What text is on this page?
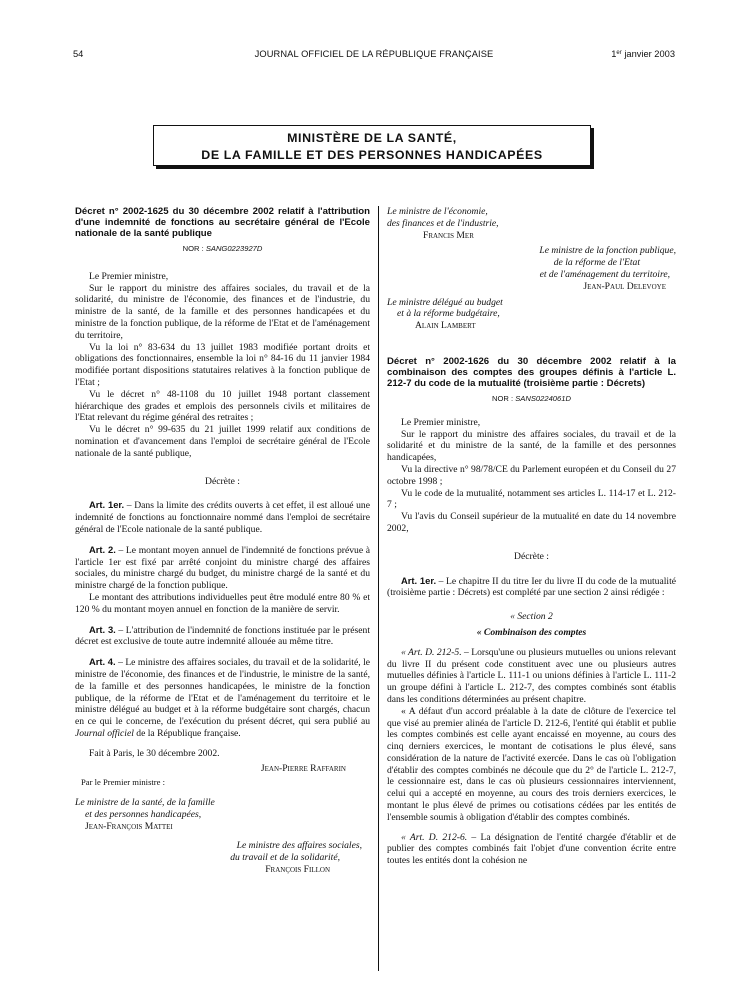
54	JOURNAL OFFICIEL DE LA RÉPUBLIQUE FRANÇAISE	1er janvier 2003
MINISTÈRE DE LA SANTÉ,
DE LA FAMILLE ET DES PERSONNES HANDICAPÉES

Décret n° 2002-1625 du 30 décembre 2002 relatif à l'attribution d'une indemnité de fonctions au secrétaire général de l'Ecole nationale de la santé publique

NOR : SANG0223927D

Le Premier ministre,

Sur le rapport du ministre des affaires sociales, du travail et de la solidarité, du ministre de l'économie, des finances et de l'industrie, du ministre de la santé, de la famille et des personnes handicapées et du ministre de la fonction publique, de la réforme de l'Etat et de l'aménagement du territoire,

Vu la loi n° 83-634 du 13 juillet 1983 modifiée portant droits et obligations des fonctionnaires, ensemble la loi n° 84-16 du 11 janvier 1984 modifiée portant dispositions statutaires relatives à la fonction publique de l'Etat ;

Vu le décret n° 48-1108 du 10 juillet 1948 portant classement hiérarchique des grades et emplois des personnels civils et militaires de l'Etat relevant du régime général des retraites ;

Vu le décret n° 99-635 du 21 juillet 1999 relatif aux conditions de nomination et d'avancement dans l'emploi de secrétaire général de l'Ecole nationale de la santé publique,

Décrète :

Art. 1er. – Dans la limite des crédits ouverts à cet effet, il est alloué une indemnité de fonctions au fonctionnaire nommé dans l'emploi de secrétaire général de l'Ecole nationale de la santé publique.

Art. 2. – Le montant moyen annuel de l'indemnité de fonctions prévue à l'article 1er est fixé par arrêté conjoint du ministre chargé des affaires sociales, du ministre chargé du budget, du ministre chargé de la santé et du ministre chargé de la fonction publique.

Le montant des attributions individuelles peut être modulé entre 80 % et 120 % du montant moyen annuel en fonction de la manière de servir.

Art. 3. – L'attribution de l'indemnité de fonctions instituée par le présent décret est exclusive de toute autre indemnité allouée au même titre.

Art. 4. – Le ministre des affaires sociales, du travail et de la solidarité, le ministre de l'économie, des finances et de l'industrie, le ministre de la santé, de la famille et des personnes handicapées, le ministre de la fonction publique, de la réforme de l'Etat et de l'aménagement du territoire et le ministre délégué au budget et à la réforme budgétaire sont chargés, chacun en ce qui le concerne, de l'exécution du présent décret, qui sera publié au Journal officiel de la République française.

Fait à Paris, le 30 décembre 2002.

Jean-Pierre Raffarin

Par le Premier ministre :

Le ministre de la santé, de la famille

et des personnes handicapées,

Jean-François Mattei

Le ministre des affaires sociales,

du travail et de la solidarité,

François Fillon

Le ministre de l'économie,

des finances et de l'industrie,

Francis Mer

Le ministre de la fonction publique,

de la réforme de l'Etat

et de l'aménagement du territoire,

Jean-Paul Delevoye

Le ministre délégué au budget

et à la réforme budgétaire,

Alain Lambert

Décret n° 2002-1626 du 30 décembre 2002 relatif à la combinaison des comptes des groupes définis à l'article L. 212-7 du code de la mutualité (troisième partie : Décrets)

NOR : SANS0224061D

Le Premier ministre,

Sur le rapport du ministre des affaires sociales, du travail et de la solidarité et du ministre de la santé, de la famille et des personnes handicapées,

Vu la directive n° 98/78/CE du Parlement européen et du Conseil du 27 octobre 1998 ;

Vu le code de la mutualité, notamment ses articles L. 114-17 et L. 212-7 ;

Vu l'avis du Conseil supérieur de la mutualité en date du 14 novembre 2002,

Décrète :

Art. 1er. – Le chapitre II du titre Ier du livre II du code de la mutualité (troisième partie : Décrets) est complété par une section 2 ainsi rédigée :

« Section 2

« Combinaison des comptes

« Art. D. 212-5. – Lorsqu'une ou plusieurs mutuelles ou unions relevant du livre II du présent code constituent avec une ou plusieurs autres mutuelles définies à l'article L. 111-1 ou unions définies à l'article L. 111-2 un groupe défini à l'article L. 212-7, des comptes combinés sont établis dans les conditions déterminées au présent chapitre.

« A défaut d'un accord préalable à la date de clôture de l'exercice tel que visé au premier alinéa de l'article D. 212-6, l'entité qui établit et publie les comptes combinés est celle ayant encaissé en moyenne, au cours des cinq derniers exercices, le montant de cotisations le plus élevé, sans considération de la nature de l'activité exercée. Dans le cas où l'obligation d'établir des comptes combinés ne découle que du 2° de l'article L. 212-7, le cessionnaire est, dans le cas où plusieurs cessionnaires interviennent, celui qui a accepté en moyenne, au cours des trois derniers exercices, le montant le plus élevé de primes ou cotisations cédées par les entités de l'ensemble soumis à obligation d'établir des comptes combinés.

« Art. D. 212-6. – La désignation de l'entité chargée d'établir et de publier des comptes combinés fait l'objet d'une convention écrite entre toutes les entités dont la cohésion ne
